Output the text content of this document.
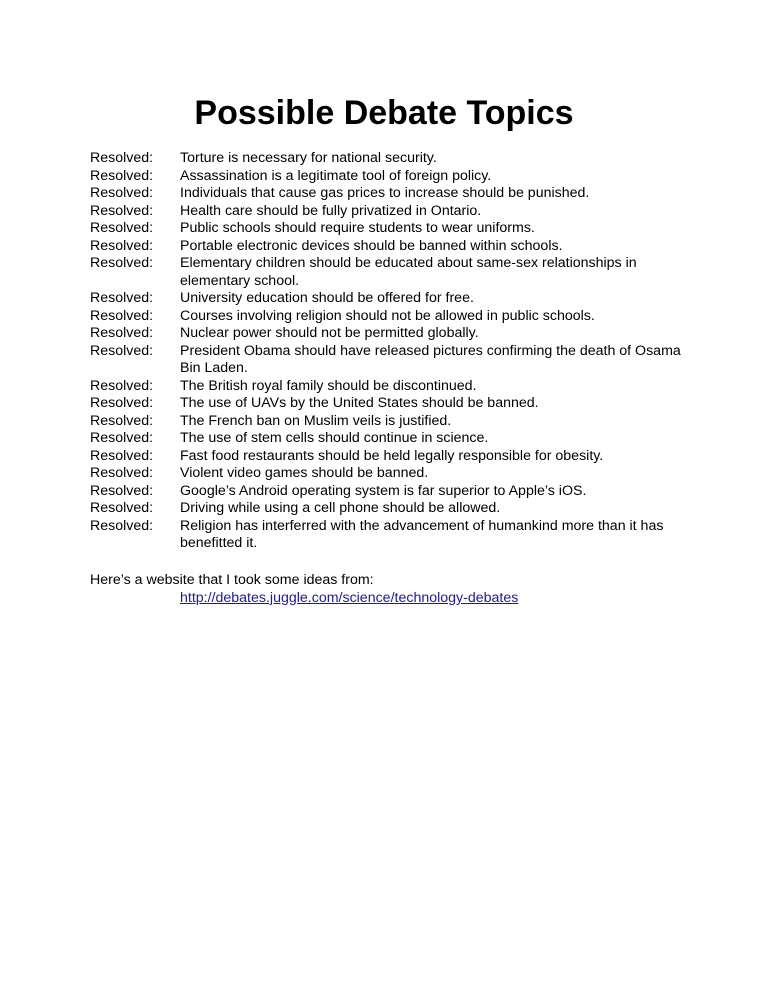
Possible Debate Topics
Resolved:	Torture is necessary for national security.
Resolved:	Assassination is a legitimate tool of foreign policy.
Resolved:	Individuals that cause gas prices to increase should be punished.
Resolved:	Health care should be fully privatized in Ontario.
Resolved:	Public schools should require students to wear uniforms.
Resolved:	Portable electronic devices should be banned within schools.
Resolved:	Elementary children should be educated about same-sex relationships in elementary school.
Resolved:	University education should be offered for free.
Resolved:	Courses involving religion should not be allowed in public schools.
Resolved:	Nuclear power should not be permitted globally.
Resolved:	President Obama should have released pictures confirming the death of Osama Bin Laden.
Resolved:	The British royal family should be discontinued.
Resolved:	The use of UAVs by the United States should be banned.
Resolved:	The French ban on Muslim veils is justified.
Resolved:	The use of stem cells should continue in science.
Resolved:	Fast food restaurants should be held legally responsible for obesity.
Resolved:	Violent video games should be banned.
Resolved:	Google’s Android operating system is far superior to Apple’s iOS.
Resolved:	Driving while using a cell phone should be allowed.
Resolved:	Religion has interferred with the advancement of humankind more than it has benefitted it.

Here’s a website that I took some ideas from:

http://debates.juggle.com/science/technology-debates
